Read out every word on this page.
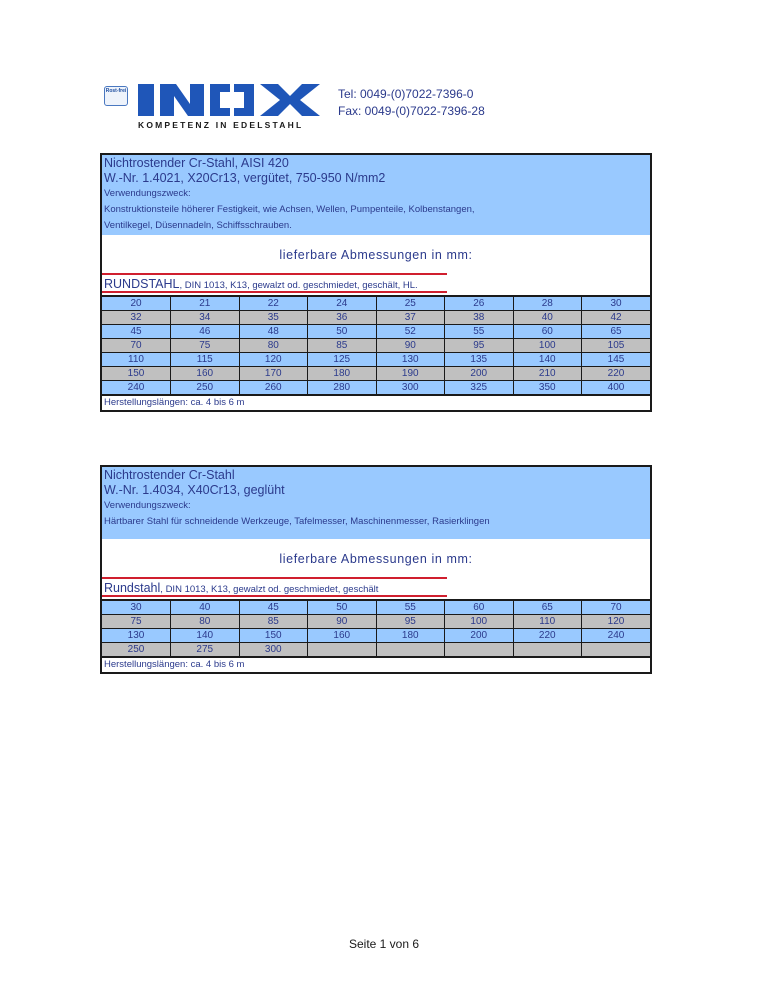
Rost-frei
KOMPETENZ IN EDELSTAHL
Tel: 0049-(0)7022-7396-0
Fax: 0049-(0)7022-7396-28
Nichtrostender Cr-Stahl, AISI 420
W.-Nr. 1.4021, X20Cr13, vergütet, 750-950 N/mm2
Verwendungszweck:
Konstruktionsteile höherer Festigkeit, wie Achsen, Wellen, Pumpenteile, Kolbenstangen,
Ventilkegel, Düsennadeln, Schiffsschrauben.
lieferbare Abmessungen in mm:
RUNDSTAHL, DIN 1013, K13, gewalzt od. geschmiedet, geschält, HL.
20	21	22	24	25	26	28	30
32	34	35	36	37	38	40	42
45	46	48	50	52	55	60	65
70	75	80	85	90	95	100	105
110	115	120	125	130	135	140	145
150	160	170	180	190	200	210	220
240	250	260	280	300	325	350	400
Herstellungslängen: ca. 4 bis 6 m
Nichtrostender Cr-Stahl
W.-Nr. 1.4034, X40Cr13, geglüht
Verwendungszweck:
Härtbarer Stahl für schneidende Werkzeuge, Tafelmesser, Maschinenmesser, Rasierklingen
lieferbare Abmessungen in mm:
Rundstahl, DIN 1013, K13, gewalzt od. geschmiedet, geschält
30	40	45	50	55	60	65	70
75	80	85	90	95	100	110	120
130	140	150	160	180	200	220	240
250	275	300					
Herstellungslängen: ca. 4 bis 6 m
Seite 1 von 6
